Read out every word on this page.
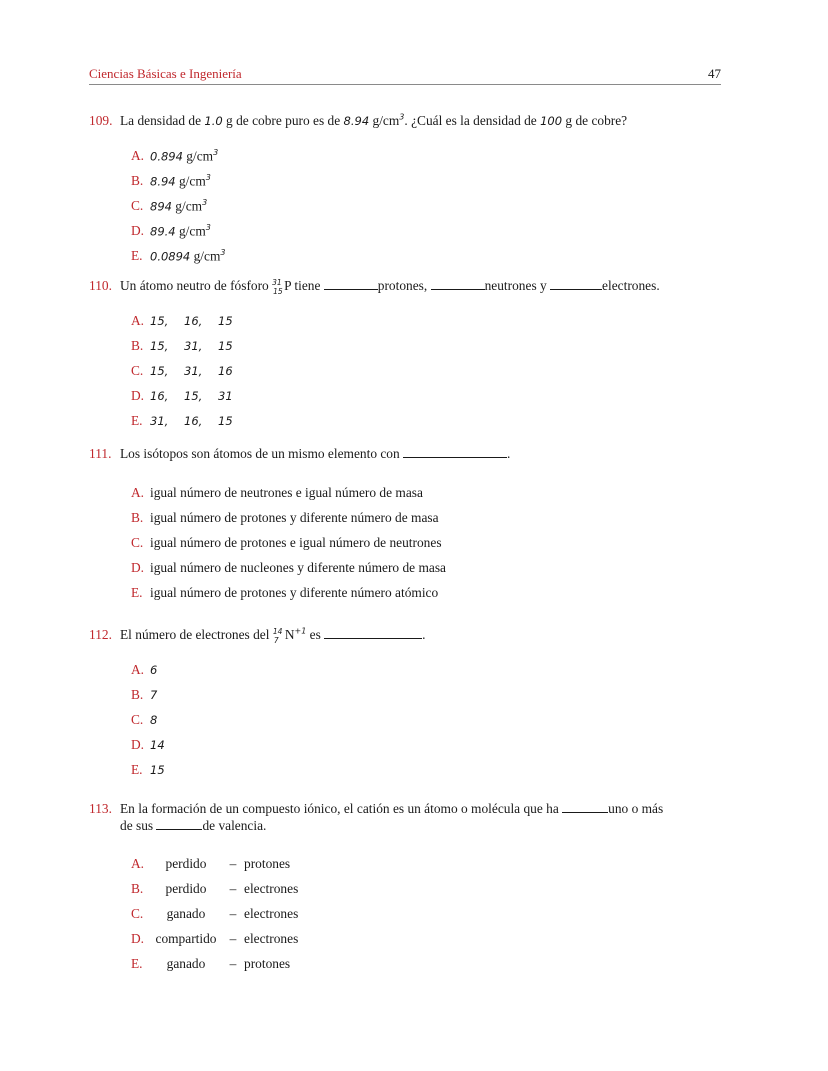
Ciencias Básicas e Ingeniería	47
109. La densidad de 1.0 g de cobre puro es de 8.94 $g/cm^3$. ¿Cuál es la densidad de 100 g de cobre?
A. 0.894 $g/cm^3$
B. 8.94 $g/cm^3$
C. 894 $g/cm^3$
D. 89.4 $g/cm^3$
E. 0.0894 $g/cm^3$
110. Un átomo neutro de fósforo 31
15 P tiene	protones,	neutrones y	electrones.
A. 15, 16, 15
B. 15, 31, 15
C. 15, 31, 16
D. 16, 15, 31
E. 31, 16, 15
111. Los isótopos son átomos de un mismo elemento con	.
A. igual número de neutrones e igual número de masa
B. igual número de protones y diferente número de masa
C. igual número de protones e igual número de neutrones
D. igual número de nucleones y diferente número de masa
E. igual número de protones y diferente número atómico
112. El número de electrones del 14
7 $N^{+1}$ es	.
A. 6
B. 7
C. 8
D. 14
E. 15
113. En la formación de un compuesto iónico, el catión es un átomo o molécula que ha	uno o más
de sus	de valencia.
A. perdido – protones
B. perdido – electrones
C. ganado – electrones
D. compartido – electrones
E. ganado – protones
